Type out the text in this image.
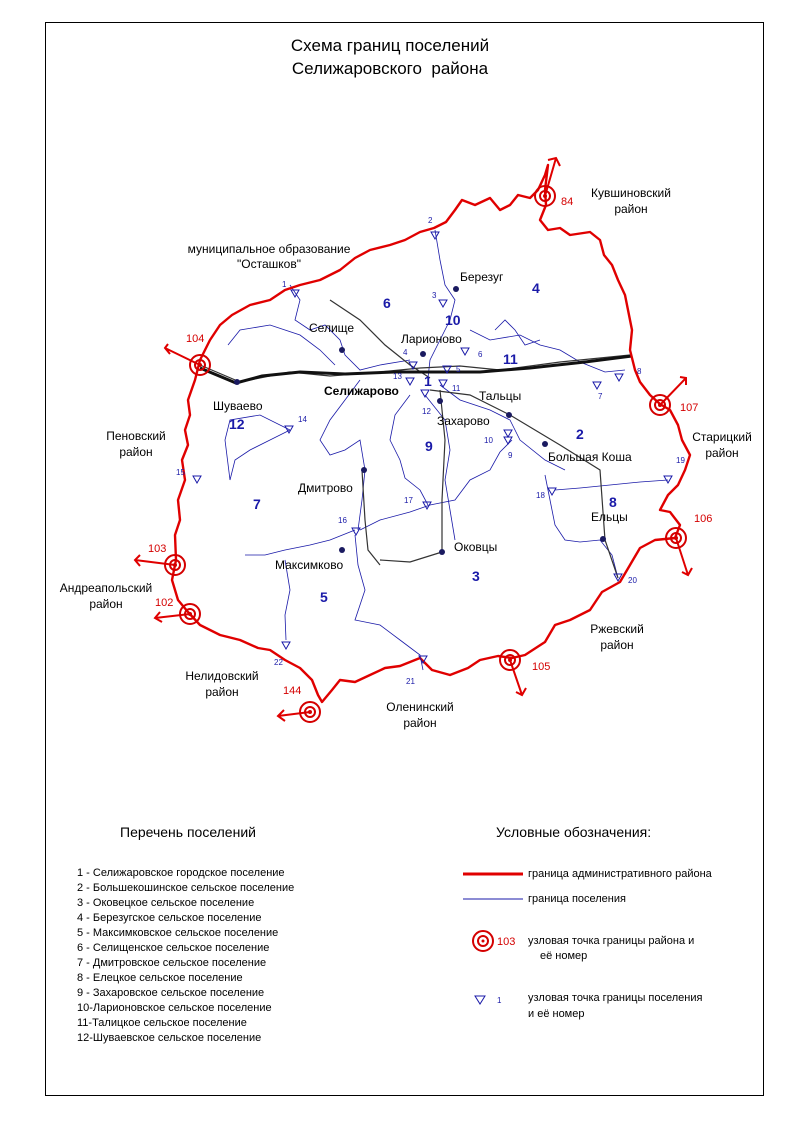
Схема границ поселений
Селижаровского  района
84
104
107
106
103
102
105
144
1
2
3
4
5
6
7
8
9
10
11
12
13
14
15
16
17
18
19
20
21
22
Березуг
Селище
Ларионово
Тальцы
Захарово
Шуваево
Большая Коша
Дмитрово
Ельцы
Оковцы
Максимково
Селижарово
1
2
3
4
5
6
7	8
9
10
11
12
муниципальное образование
"Осташков"
Кувшиновский
район
Пеновский
район
Старицкий
район
Андреапольский
район
Ржевский
район
Нелидовский
район
Оленинский
район
Перечень поселений	Условные обозначения:
1 - Селижаровское городское поселение
2 - Большекошинское сельское поселение
3 - Оковецкое сельское поселение
4 - Березугское сельское поселение
5 - Максимковское сельское поселение
6 - Селищенское сельское поселение
7 - Дмитровское сельское поселение
8 - Елецкое сельское поселение
9 - Захаровское сельское поселение
10-Ларионовское сельское поселение
11-Талицкое сельское поселение
12-Шуваевское сельское поселение
103
1
граница административного района
граница поселения
узловая точка границы района и
её номер
узловая точка границы поселения
и её номер
